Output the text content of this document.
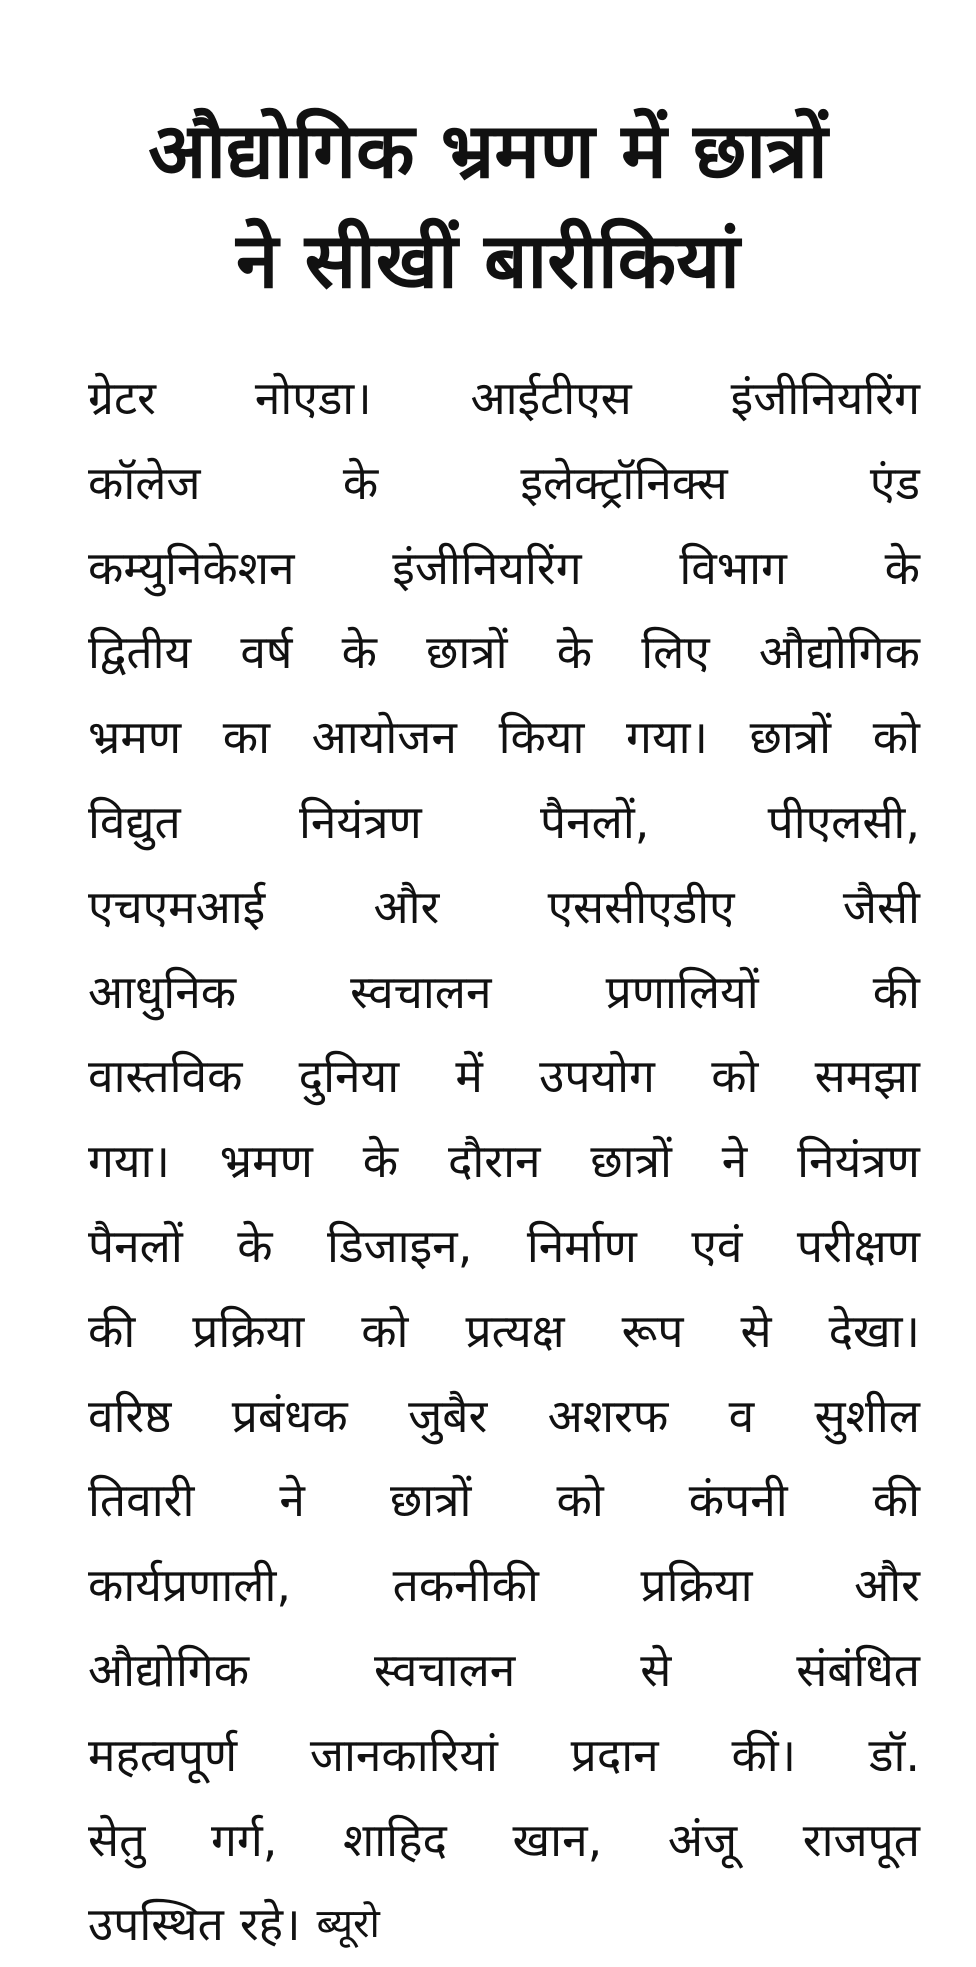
औद्योगिक भ्रमण में छात्रों
ने सीखीं बारीकियां
ग्रेटर नोएडा। आईटीएस इंजीनियरिंग
कॉलेज	के	इलेक्ट्रॉनिक्स	एंड
कम्युनिकेशन इंजीनियरिंग विभाग के
द्वितीय वर्ष के छात्रों के लिए औद्योगिक
भ्रमण का आयोजन किया गया। छात्रों को
विद्युत	नियंत्रण	पैनलों,	पीएलसी,
एचएमआई और एससीएडीए जैसी
आधुनिक स्वचालन प्रणालियों की
वास्तविक दुनिया में उपयोग को समझा
गया। भ्रमण के दौरान छात्रों ने नियंत्रण
पैनलों के डिजाइन, निर्माण एवं परीक्षण
की प्रक्रिया को प्रत्यक्ष रूप से देखा।
वरिष्ठ प्रबंधक जुबैर अशरफ व सुशील
तिवारी ने छात्रों को कंपनी की
कार्यप्रणाली, तकनीकी प्रक्रिया और
औद्योगिक	स्वचालन	से	संबंधित
महत्वपूर्ण जानकारियां प्रदान कीं। डॉ.
सेतु गर्ग, शाहिद खान, अंजू राजपूत
उपस्थित रहे। ब्यूरो
